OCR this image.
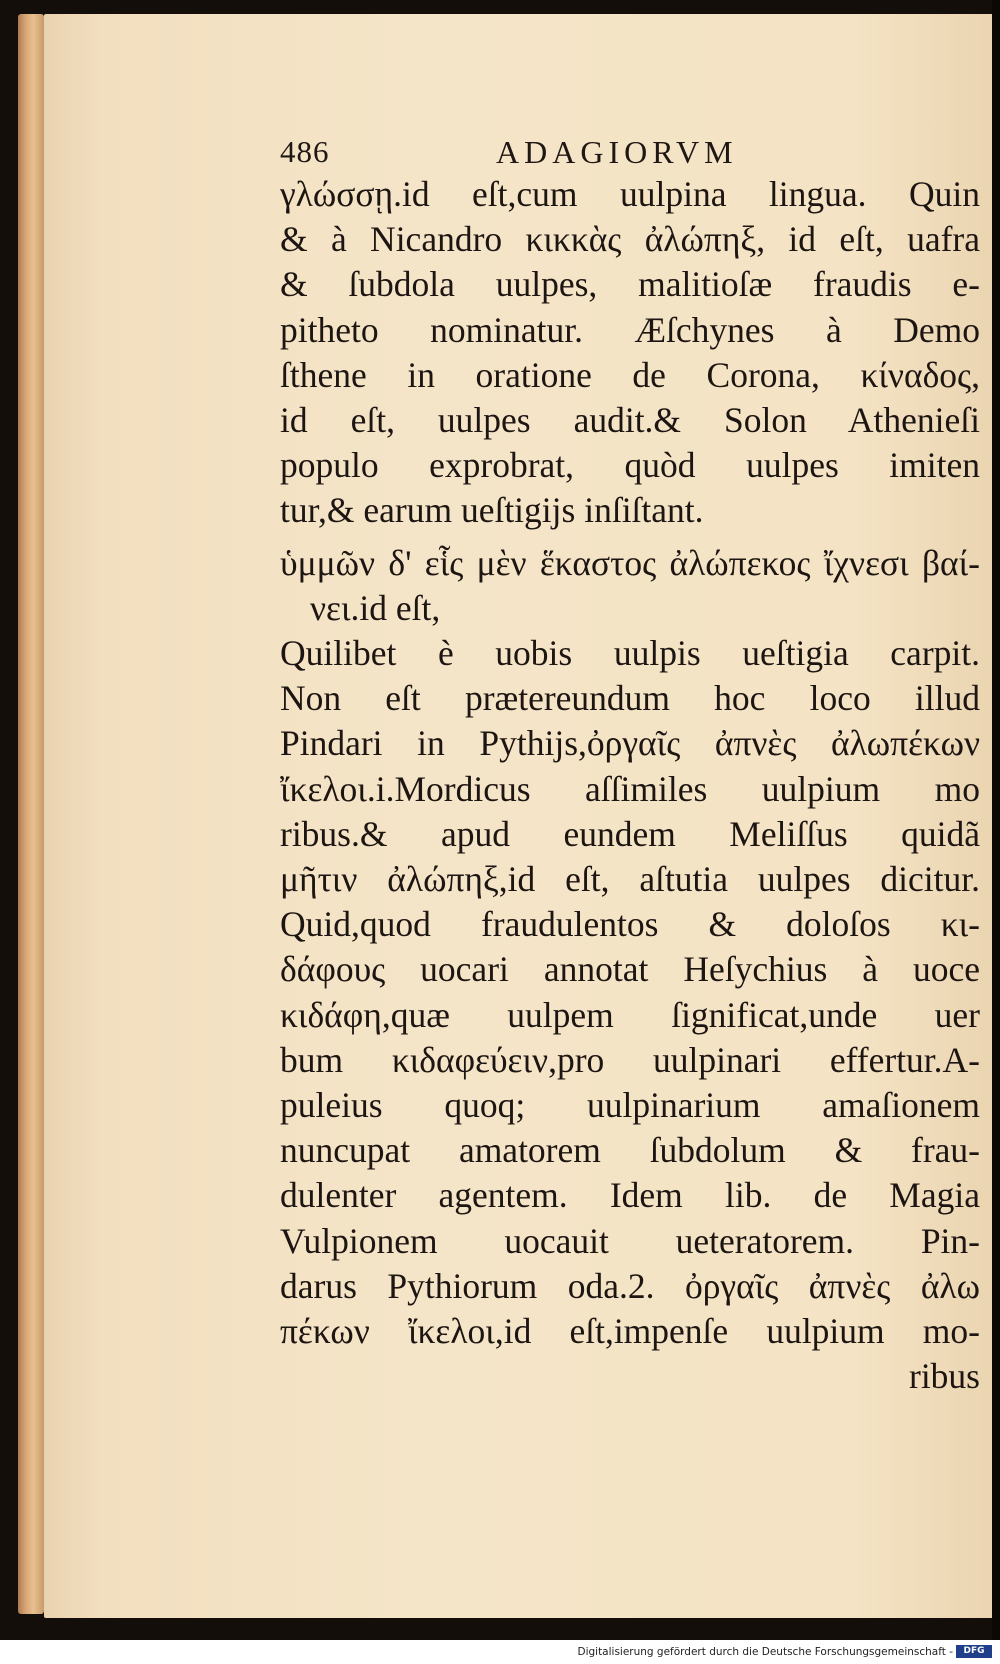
486	ADAGIORVM
γλώσσῃ.id eſt,cum uulpina lingua. Quin
& à Nicandro κικκὰς ἀλώπηξ, id eſt, uafra
& ſubdola uulpes, malitioſæ fraudis e-
pitheto nominatur. Æſchynes à Demo
ſthene in oratione de Corona, κίναδος,
id eſt, uulpes audit.& Solon Athenieſi
populo exprobrat, quòd uulpes imiten
tur,& earum ueſtigijs inſiſtant.
ὑμμῶν δ' εἷς μὲν ἕκαστος ἀλώπεκος ἴχνεσι βαί-
νει.id eſt,
Quilibet è uobis uulpis ueſtigia carpit.
Non eſt prætereundum hoc loco illud
Pindari in Pythijs,ὀργαῖς ἀπνὲς ἀλωπέκων
ἴκελοι.i.Mordicus aſſimiles uulpium mo
ribus.& apud eundem Meliſſus quidã
μῆτιν ἀλώπηξ,id eſt, aſtutia uulpes dicitur.
Quid,quod fraudulentos & doloſos κι-
δάφους uocari annotat Heſychius à uoce
κιδάφη,quæ uulpem ſignificat,unde uer
bum κιδαφεύειν,pro uulpinari effertur.A-
puleius quoq; uulpinarium amaſionem
nuncupat amatorem ſubdolum & frau-
dulenter agentem. Idem lib. de Magia
Vulpionem uocauit ueteratorem. Pin-
darus Pythiorum oda.2. ὀργαῖς ἀπνὲς ἀλω
πέκων ἴκελοι,id eſt,impenſe uulpium mo-
ribus
Digitalisierung gefördert durch die Deutsche Forschungsgemeinschaft -	DFG
